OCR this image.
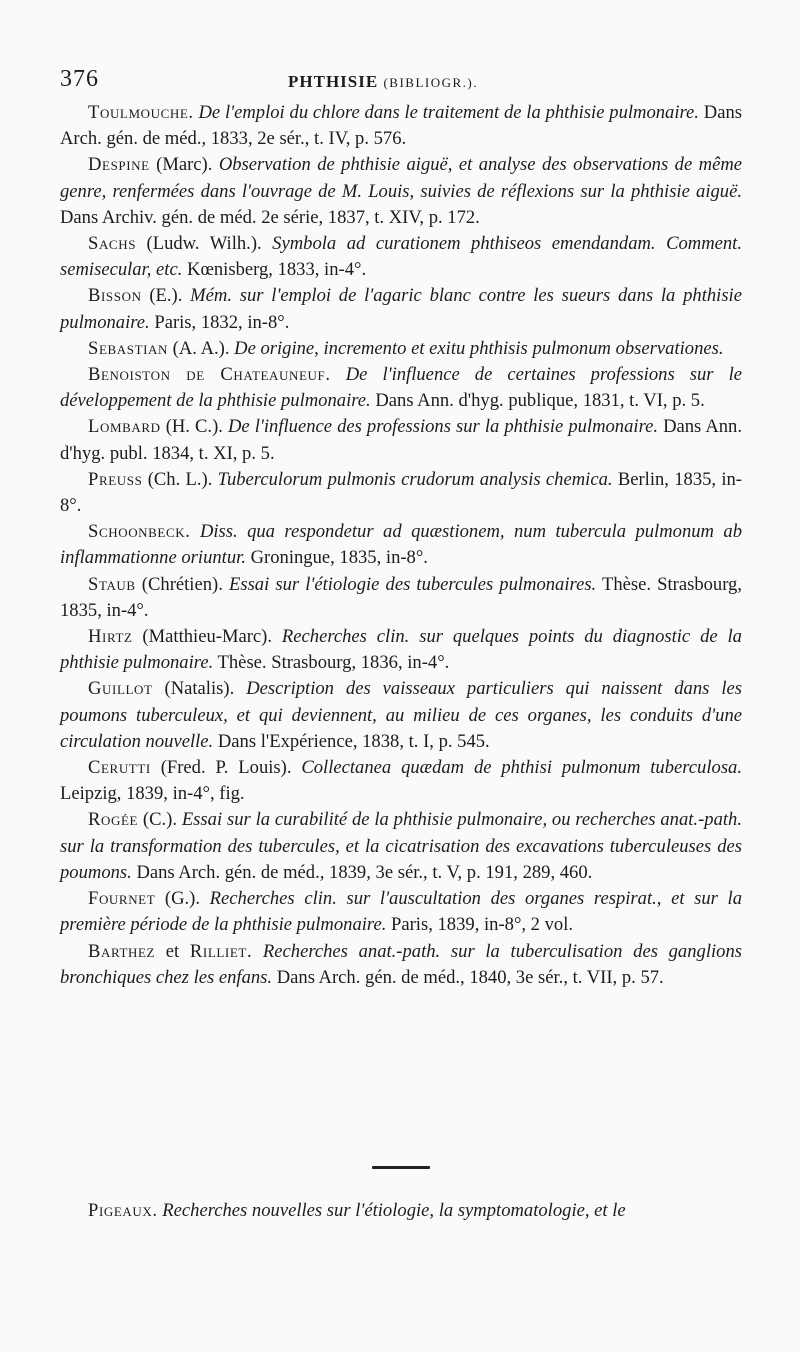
376	PHTHISIE (BIBLIOGR.).

Toulmouche. De l'emploi du chlore dans le traitement de la phthisie pulmonaire. Dans Arch. gén. de méd., 1833, 2e sér., t. IV, p. 576.

Despine (Marc). Observation de phthisie aiguë, et analyse des observations de même genre, renfermées dans l'ouvrage de M. Louis, suivies de réflexions sur la phthisie aiguë. Dans Archiv. gén. de méd. 2e série, 1837, t. XIV, p. 172.

Sachs (Ludw. Wilh.). Symbola ad curationem phthiseos emendandam. Comment. semisecular, etc. Kœnisberg, 1833, in-4°.

Bisson (E.). Mém. sur l'emploi de l'agaric blanc contre les sueurs dans la phthisie pulmonaire. Paris, 1832, in-8°.

Sebastian (A. A.). De origine, incremento et exitu phthisis pulmonum observationes.

Benoiston de Chateauneuf. De l'influence de certaines professions sur le développement de la phthisie pulmonaire. Dans Ann. d'hyg. publique, 1831, t. VI, p. 5.

Lombard (H. C.). De l'influence des professions sur la phthisie pulmonaire. Dans Ann. d'hyg. publ. 1834, t. XI, p. 5.

Preuss (Ch. L.). Tuberculorum pulmonis crudorum analysis chemica. Berlin, 1835, in-8°.

Schoonbeck. Diss. qua respondetur ad quæstionem, num tubercula pulmonum ab inflammationne oriuntur. Groningue, 1835, in-8°.

Staub (Chrétien). Essai sur l'étiologie des tubercules pulmonaires. Thèse. Strasbourg, 1835, in-4°.

Hirtz (Matthieu-Marc). Recherches clin. sur quelques points du diagnostic de la phthisie pulmonaire. Thèse. Strasbourg, 1836, in-4°.

Guillot (Natalis). Description des vaisseaux particuliers qui naissent dans les poumons tuberculeux, et qui deviennent, au milieu de ces organes, les conduits d'une circulation nouvelle. Dans l'Expérience, 1838, t. I, p. 545.

Cerutti (Fred. P. Louis). Collectanea quædam de phthisi pulmonum tuberculosa. Leipzig, 1839, in-4°, fig.

Rogée (C.). Essai sur la curabilité de la phthisie pulmonaire, ou recherches anat.-path. sur la transformation des tubercules, et la cicatrisation des excavations tuberculeuses des poumons. Dans Arch. gén. de méd., 1839, 3e sér., t. V, p. 191, 289, 460.

Fournet (G.). Recherches clin. sur l'auscultation des organes respirat., et sur la première période de la phthisie pulmonaire. Paris, 1839, in-8°, 2 vol.

Barthez et Rilliet. Recherches anat.-path. sur la tuberculisation des ganglions bronchiques chez les enfans. Dans Arch. gén. de méd., 1840, 3e sér., t. VII, p. 57.

Pigeaux. Recherches nouvelles sur l'étiologie, la symptomatologie, et le
